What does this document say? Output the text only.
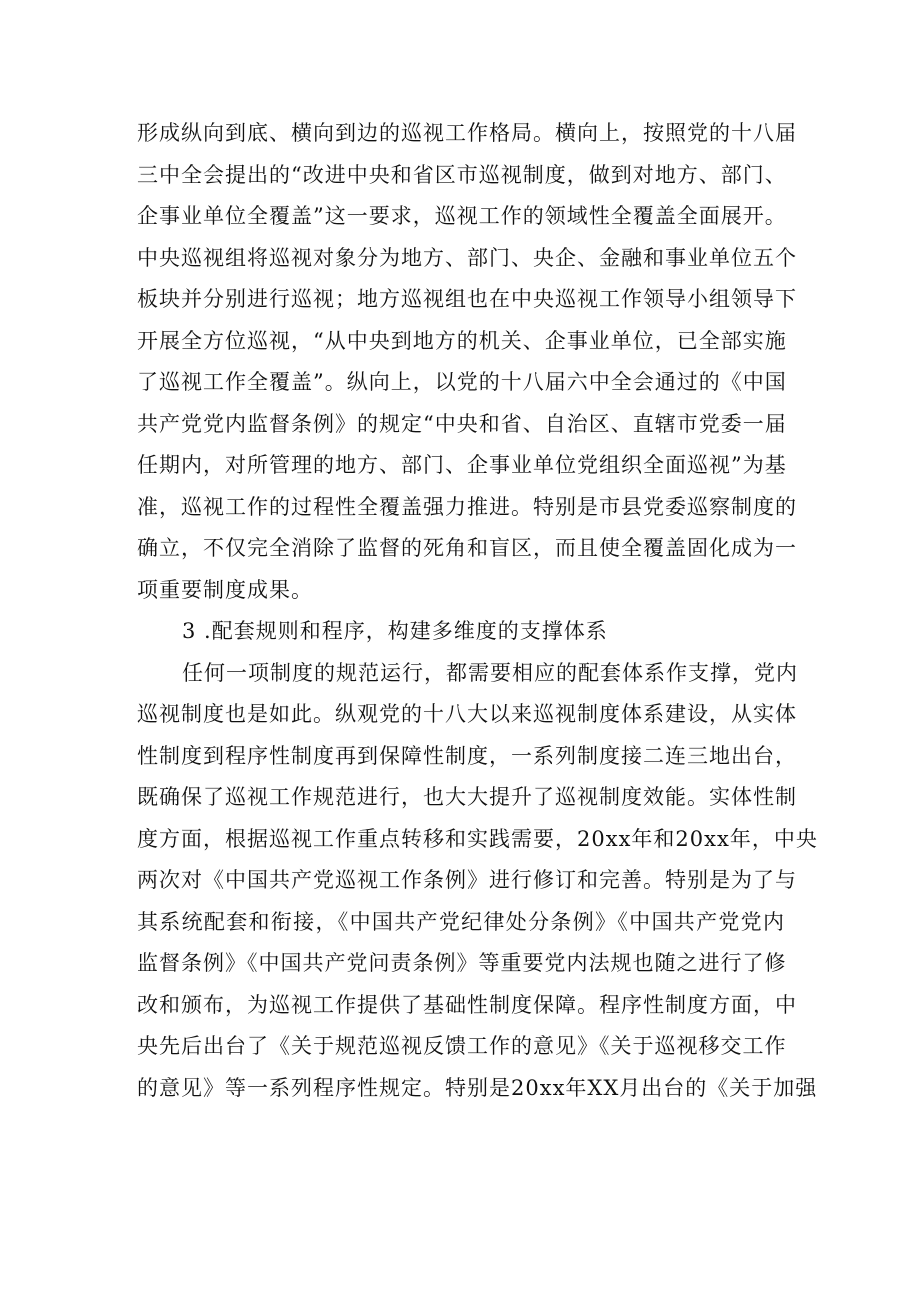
形成纵向到底、横向到边的巡视工作格局。横向上，按照党的十八届
三中全会提出的“改进中央和省区市巡视制度，做到对地方、部门、
企事业单位全覆盖”这一要求，巡视工作的领域性全覆盖全面展开。
中央巡视组将巡视对象分为地方、部门、央企、金融和事业单位五个
板块并分别进行巡视；地方巡视组也在中央巡视工作领导小组领导下
开展全方位巡视，“从中央到地方的机关、企事业单位，已全部实施
了巡视工作全覆盖”。纵向上，以党的十八届六中全会通过的《中国
共产党党内监督条例》的规定“中央和省、自治区、直辖市党委一届
任期内，对所管理的地方、部门、企事业单位党组织全面巡视”为基
准，巡视工作的过程性全覆盖强力推进。特别是市县党委巡察制度的
确立，不仅完全消除了监督的死角和盲区，而且使全覆盖固化成为一
项重要制度成果。
3 .配套规则和程序，构建多维度的支撑体系
任何一项制度的规范运行，都需要相应的配套体系作支撑，党内
巡视制度也是如此。纵观党的十八大以来巡视制度体系建设，从实体
性制度到程序性制度再到保障性制度，一系列制度接二连三地出台，
既确保了巡视工作规范进行，也大大提升了巡视制度效能。实体性制
度方面，根据巡视工作重点转移和实践需要，20xx年和20xx年，中央
两次对《中国共产党巡视工作条例》进行修订和完善。特别是为了与
其系统配套和衔接，《中国共产党纪律处分条例》《中国共产党党内
监督条例》《中国共产党问责条例》等重要党内法规也随之进行了修
改和颁布，为巡视工作提供了基础性制度保障。程序性制度方面，中
央先后出台了《关于规范巡视反馈工作的意见》《关于巡视移交工作
的意见》等一系列程序性规定。特别是20xx年XX月出台的《关于加强
